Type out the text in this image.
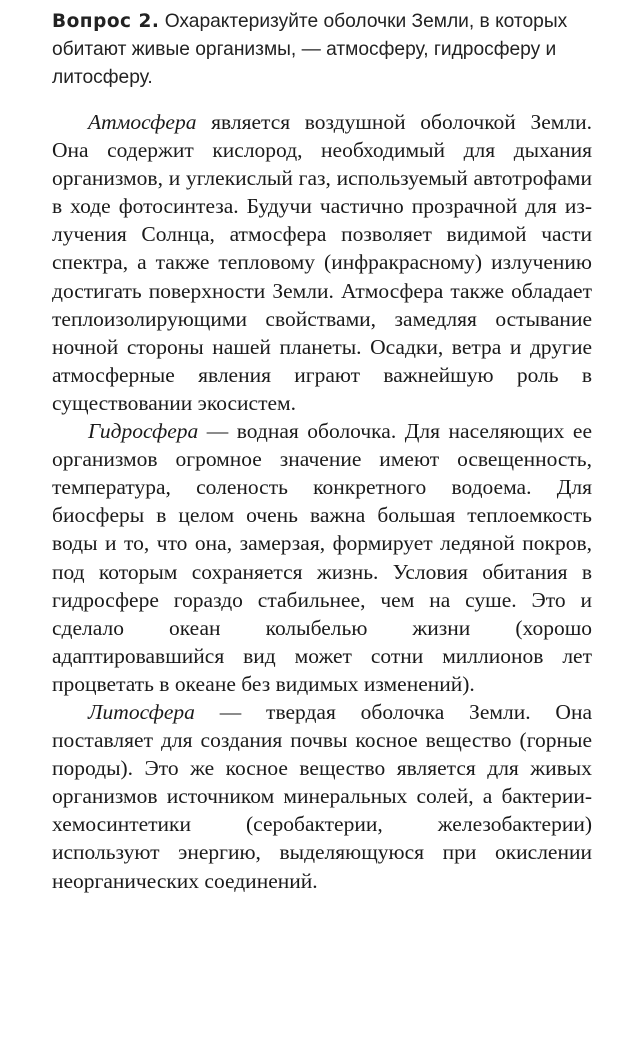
Вопрос 2. Охарактеризуйте оболочки Земли, в которых обитают живые организмы, — атмосферу, гидросферу и литосферу.

Атмосфера является воздушной оболочкой Земли. Она содержит кислород, необходимый для дыхания организмов, и углекислый газ, используемый автотрофами в ходе фотосинтеза. Будучи частично прозрачной для излучения Солнца, атмосфера позволяет видимой части спектра, а также тепловому (инфракрасному) излучению достигать поверхности Земли. Атмосфера также обладает теплоизолирующими свойствами, замедляя остывание ночной стороны нашей планеты. Осадки, ветра и другие атмосферные явления играют важнейшую роль в существовании экосистем.

Гидросфера — водная оболочка. Для населяющих ее организмов огромное значение имеют освещенность, температура, соленость конкретного водоема. Для биосферы в целом очень важна большая теплоемкость воды и то, что она, замерзая, формирует ледяной покров, под которым сохраняется жизнь. Условия обитания в гидросфере гораздо стабильнее, чем на суше. Это и сделало океан колыбелью жизни (хорошо адаптировавшийся вид может сотни миллионов лет процветать в океане без видимых изменений).

Литосфера — твердая оболочка Земли. Она поставляет для создания почвы косное вещество (горные породы). Это же косное вещество является для живых организмов источником минеральных солей, а бактерии-хемосинтетики (серобактерии, железобактерии) используют энергию, выделяющуюся при окислении неорганических соединений.
